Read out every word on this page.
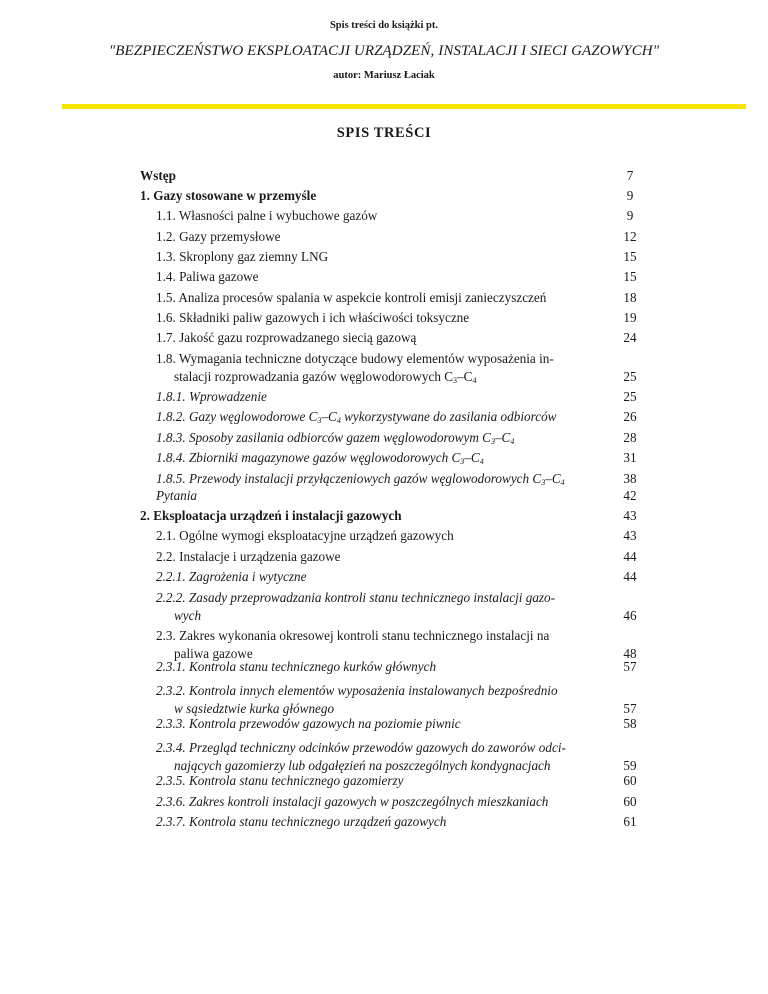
Spis treści do książki pt.
"BEZPIECZEŃSTWO EKSPLOATACJI URZĄDZEŃ, INSTALACJI I SIECI GAZOWYCH"
autor: Mariusz Łaciak
SPIS TREŚCI
Wstęp	7
1. Gazy stosowane w przemyśle	9
1.1. Własności palne i wybuchowe gazów	9
1.2. Gazy przemysłowe	12
1.3. Skroplony gaz ziemny LNG	15
1.4. Paliwa gazowe	15
1.5. Analiza procesów spalania w aspekcie kontroli emisji zanieczyszczeń	18
1.6. Składniki paliw gazowych i ich właściwości toksyczne	19
1.7. Jakość gazu rozprowadzanego siecią gazową	24
1.8. Wymagania techniczne dotyczące budowy elementów wyposażenia in-
stalacji rozprowadzania gazów węglowodorowych $C_3-C_4$	25
1.8.1. Wprowadzenie	25
1.8.2. Gazy węglowodorowe $C_3-C_4$ wykorzystywane do zasilania odbiorców	26
1.8.3. Sposoby zasilania odbiorców gazem węglowodorowym $C_3-C_4$	28
1.8.4. Zbiorniki magazynowe gazów węglowodorowych $C_3-C_4$	31
1.8.5. Przewody instalacji przyłączeniowych gazów węglowodorowych $C_3-C_4$	38
Pytania	42
2. Eksploatacja urządzeń i instalacji gazowych	43
2.1. Ogólne wymogi eksploatacyjne urządzeń gazowych	43
2.2. Instalacje i urządzenia gazowe	44
2.2.1. Zagrożenia i wytyczne	44
2.2.2. Zasady przeprowadzania kontroli stanu technicznego instalacji gazo-
wych	46
2.3. Zakres wykonania okresowej kontroli stanu technicznego instalacji na
paliwa gazowe	48
2.3.1. Kontrola stanu technicznego kurków głównych	57
2.3.2. Kontrola innych elementów wyposażenia instalowanych bezpośrednio
w sąsiedztwie kurka głównego	57
2.3.3. Kontrola przewodów gazowych na poziomie piwnic	58
2.3.4. Przegląd techniczny odcinków przewodów gazowych do zaworów odci-
nających gazomierzy lub odgałęzień na poszczególnych kondygnacjach	59
2.3.5. Kontrola stanu technicznego gazomierzy	60
2.3.6. Zakres kontroli instalacji gazowych w poszczególnych mieszkaniach	60
2.3.7. Kontrola stanu technicznego urządzeń gazowych	61
